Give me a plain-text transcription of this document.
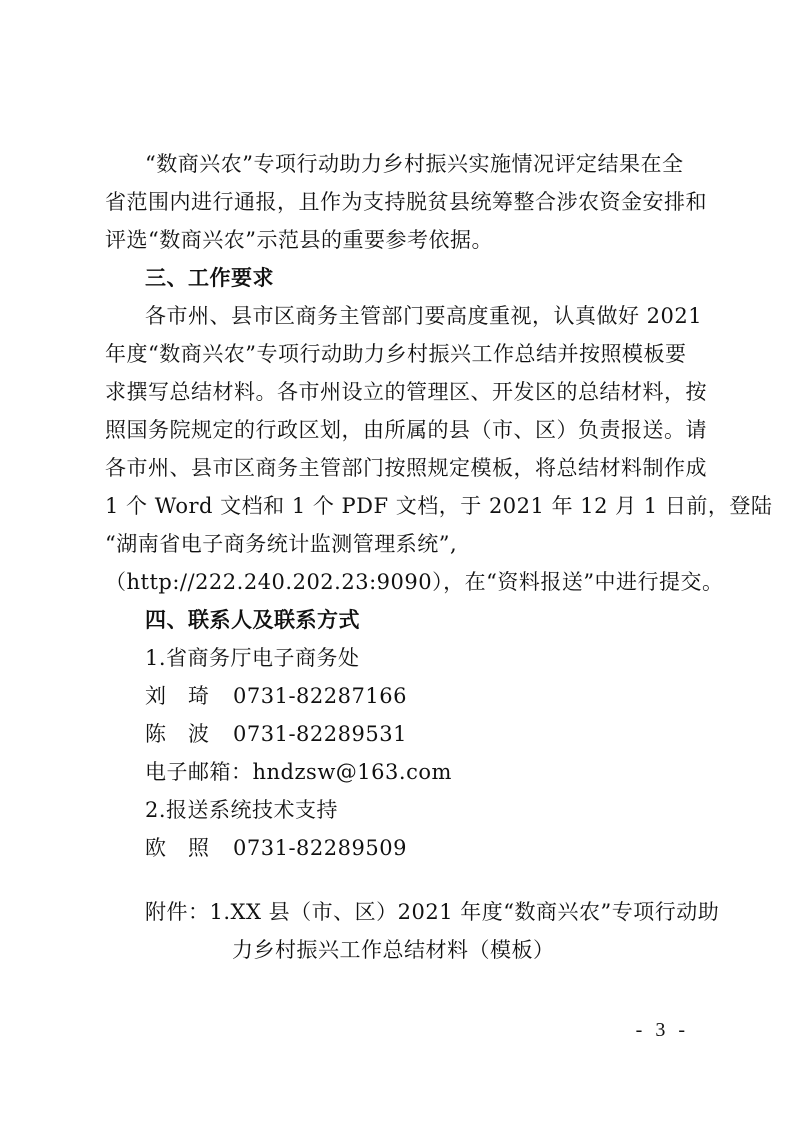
“数商兴农”专项行动助力乡村振兴实施情况评定结果在全
省范围内进行通报，且作为支持脱贫县统筹整合涉农资金安排和
评选“数商兴农”示范县的重要参考依据。
三、工作要求
各市州、县市区商务主管部门要高度重视，认真做好 2021
年度“数商兴农”专项行动助力乡村振兴工作总结并按照模板要
求撰写总结材料。各市州设立的管理区、开发区的总结材料，按
照国务院规定的行政区划，由所属的县（市、区）负责报送。请
各市州、县市区商务主管部门按照规定模板，将总结材料制作成
1 个 Word 文档和 1 个 PDF 文档，于 2021 年 12 月 1 日前，登陆
“湖南省电子商务统计监测管理系统”,
（http://222.240.202.23:9090），在“资料报送”中进行提交。
四、联系人及联系方式
1.省商务厅电子商务处
刘 琦 0731-82287166
陈 波 0731-82289531
电子邮箱：hndzsw@163.com
2.报送系统技术支持
欧 照 0731-82289509
附件：1.XX 县（市、区）2021 年度“数商兴农”专项行动助
力乡村振兴工作总结材料（模板）
- 3 -
